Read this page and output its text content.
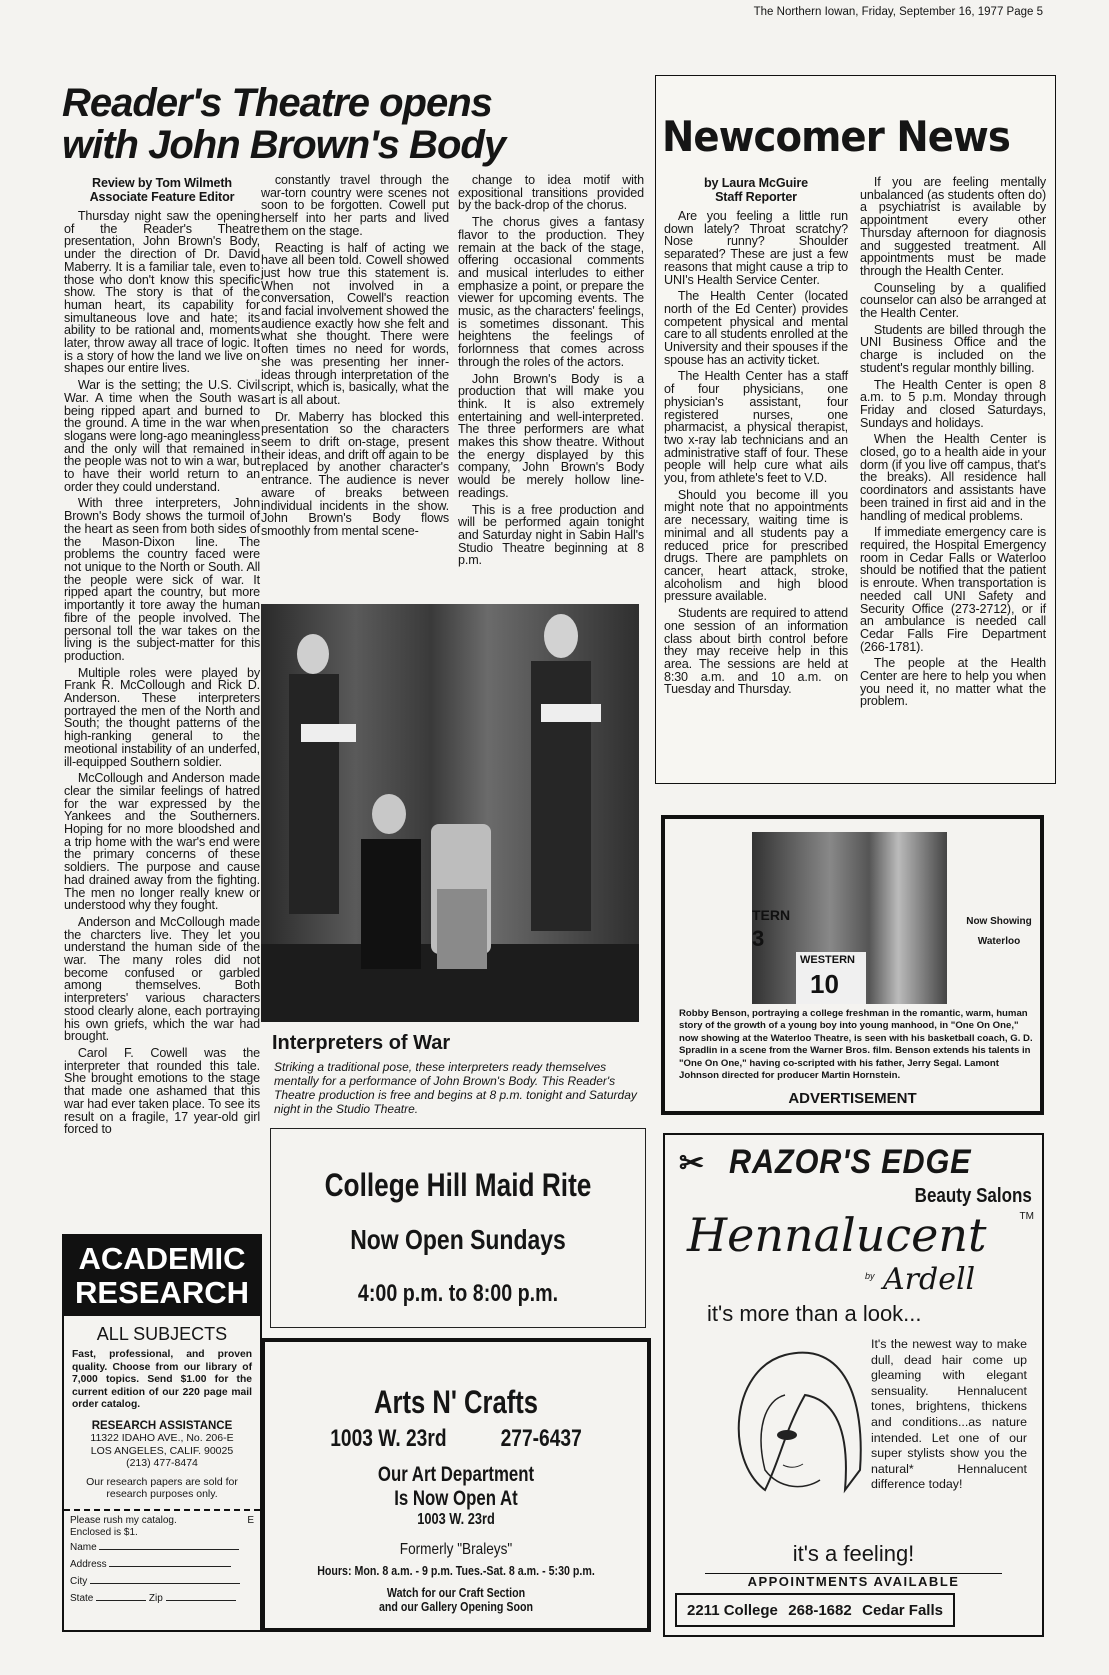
The Northern Iowan, Friday, September 16, 1977 Page 5
Reader's Theatre opens
with John Brown's Body
Review by Tom Wilmeth
Associate Feature Editor

Thursday night saw the opening of the Reader's Theatre presentation, John Brown's Body, under the direction of Dr. David Maberry. It is a familiar tale, even to those who don't know this specific show. The story is that of the human heart, its capability for simultaneous love and hate; its ability to be rational and, moments later, throw away all trace of logic. It is a story of how the land we live on shapes our entire lives.

War is the setting; the U.S. Civil War. A time when the South was being ripped apart and burned to the ground. A time in the war when slogans were long-ago meaningless and the only will that remained in the people was not to win a war, but to have their world return to an order they could understand.

With three interpreters, John Brown's Body shows the turmoil of the heart as seen from both sides of the Mason-Dixon line. The problems the country faced were not unique to the North or South. All the people were sick of war. It ripped apart the country, but more importantly it tore away the human fibre of the people involved. The personal toll the war takes on the living is the subject-matter for this production.

Multiple roles were played by Frank R. McCollough and Rick D. Anderson. These interpreters portrayed the men of the North and South; the thought patterns of the high-ranking general to the meotional instability of an underfed, ill-equipped Southern soldier.

McCollough and Anderson made clear the similar feelings of hatred for the war expressed by the Yankees and the Southerners. Hoping for no more bloodshed and a trip home with the war's end were the primary concerns of these soldiers. The purpose and cause had drained away from the fighting. The men no longer really knew or understood why they fought.

Anderson and McCollough made the charcters live. They let you understand the human side of the war. The many roles did not become confused or garbled among themselves. Both interpreters' various characters stood clearly alone, each portraying his own griefs, which the war had brought.

Carol F. Cowell was the interpreter that rounded this tale. She brought emotions to the stage that made one ashamed that this war had ever taken place. To see its result on a fragile, 17 year-old girl forced to

constantly travel through the war-torn country were scenes not soon to be forgotten. Cowell put herself into her parts and lived them on the stage.

Reacting is half of acting we have all been told. Cowell showed just how true this statement is. When not involved in a conversation, Cowell's reaction and facial involvement showed the audience exactly how she felt and what she thought. There were often times no need for words, she was presenting her inner-ideas through interpretation of the script, which is, basically, what the art is all about.

Dr. Maberry has blocked this presentation so the characters seem to drift on-stage, present their ideas, and drift off again to be replaced by another character's entrance. The audience is never aware of breaks between individual incidents in the show. John Brown's Body flows smoothly from mental scene-

change to idea motif with expositional transitions provided by the back-drop of the chorus.

The chorus gives a fantasy flavor to the production. They remain at the back of the stage, offering occasional comments and musical interludes to either emphasize a point, or prepare the viewer for upcoming events. The music, as the characters' feelings, is sometimes dissonant. This heightens the feelings of forlornness that comes across through the roles of the actors.

John Brown's Body is a production that will make you think. It is also extremely entertaining and well-interpreted. The three performers are what makes this show theatre. Without the energy displayed by this company, John Brown's Body would be merely hollow line-readings.

This is a free production and will be performed again tonight and Saturday night in Sabin Hall's Studio Theatre beginning at 8 p.m.

Interpreters of War
Striking a traditional pose, these interpreters ready themselves mentally for a performance of John Brown's Body. This Reader's Theatre production is free and begins at 8 p.m. tonight and Saturday night in the Studio Theatre.
Newcomer News
by Laura McGuire
Staff Reporter

Are you feeling a little run down lately? Throat scratchy? Nose runny? Shoulder separated? These are just a few reasons that might cause a trip to UNI's Health Service Center.

The Health Center (located north of the Ed Center) provides competent physical and mental care to all students enrolled at the University and their spouses if the spouse has an activity ticket.

The Health Center has a staff of four physicians, one physician's assistant, four registered nurses, one pharmacist, a physical therapist, two x-ray lab technicians and an administrative staff of four. These people will help cure what ails you, from athlete's feet to V.D.

Should you become ill you might note that no appointments are necessary, waiting time is minimal and all students pay a reduced price for prescribed drugs. There are pamphlets on cancer, heart attack, stroke, alcoholism and high blood pressure available.

Students are required to attend one session of an information class about birth control before they may receive help in this area. The sessions are held at 8:30 a.m. and 10 a.m. on Tuesday and Thursday.

If you are feeling mentally unbalanced (as students often do) a psychiatrist is available by appointment every other Thursday afternoon for diagnosis and suggested treatment. All appointments must be made through the Health Center.

Counseling by a qualified counselor can also be arranged at the Health Center.

Students are billed through the UNI Business Office and the charge is included on the student's regular monthly billing.

The Health Center is open 8 a.m. to 5 p.m. Monday through Friday and closed Saturdays, Sundays and holidays.

When the Health Center is closed, go to a health aide in your dorm (if you live off campus, that's the breaks). All residence hall coordinators and assistants have been trained in first aid and in the handling of medical problems.

If immediate emergency care is required, the Hospital Emergency room in Cedar Falls or Waterloo should be notified that the patient is enroute. When transportation is needed call UNI Safety and Security Office (273-2712), or if an ambulance is needed call Cedar Falls Fire Department (266-1781).

The people at the Health Center are here to help you when you need it, no matter what the problem.

TERN
3
WESTERN
10
Now Showing
Waterloo
Robby Benson, portraying a college freshman in the romantic, warm, human story of the growth of a young boy into young manhood, in "One On One," now showing at the Waterloo Theatre, is seen with his basketball coach, G. D. Spradlin in a scene from the Warner Bros. film. Benson extends his talents in "One On One," having co-scripted with his father, Jerry Segal. Lamont Johnson directed for producer Martin Hornstein.
ADVERTISEMENT
College Hill Maid Rite
Now Open Sundays
4:00 p.m. to 8:00 p.m.
Arts N' Crafts
1003 W. 23rd 277-6437
Our Art Department
Is Now Open At
1003 W. 23rd
Formerly "Braleys"
Hours: Mon. 8 a.m. - 9 p.m. Tues.-Sat. 8 a.m. - 5:30 p.m.
Watch for our Craft Section
and our Gallery Opening Soon
ACADEMIC
RESEARCH
ALL SUBJECTS
Fast, professional, and proven quality. Choose from our library of 7,000 topics. Send $1.00 for the current edition of our 220 page mail order catalog.
RESEARCH ASSISTANCE
11322 IDAHO AVE., No. 206-E
LOS ANGELES, CALIF. 90025
(213) 477-8474
Our research papers are sold for research purposes only.
Please rush my catalog.	E
Enclosed is $1.
Name
Address
City
State	Zip
✂ RAZOR'S EDGE
Beauty Salons
Hennalucent	TM
by Ardell
it's more than a look...
It's the newest way to make dull, dead hair come up gleaming with elegant sensuality. Hennalucent tones, brightens, thickens and conditions...as nature intended. Let one of our super stylists show you the natural* Hennalucent difference today!
it's a feeling!
APPOINTMENTS AVAILABLE
2211 College 268-1682 Cedar Falls
